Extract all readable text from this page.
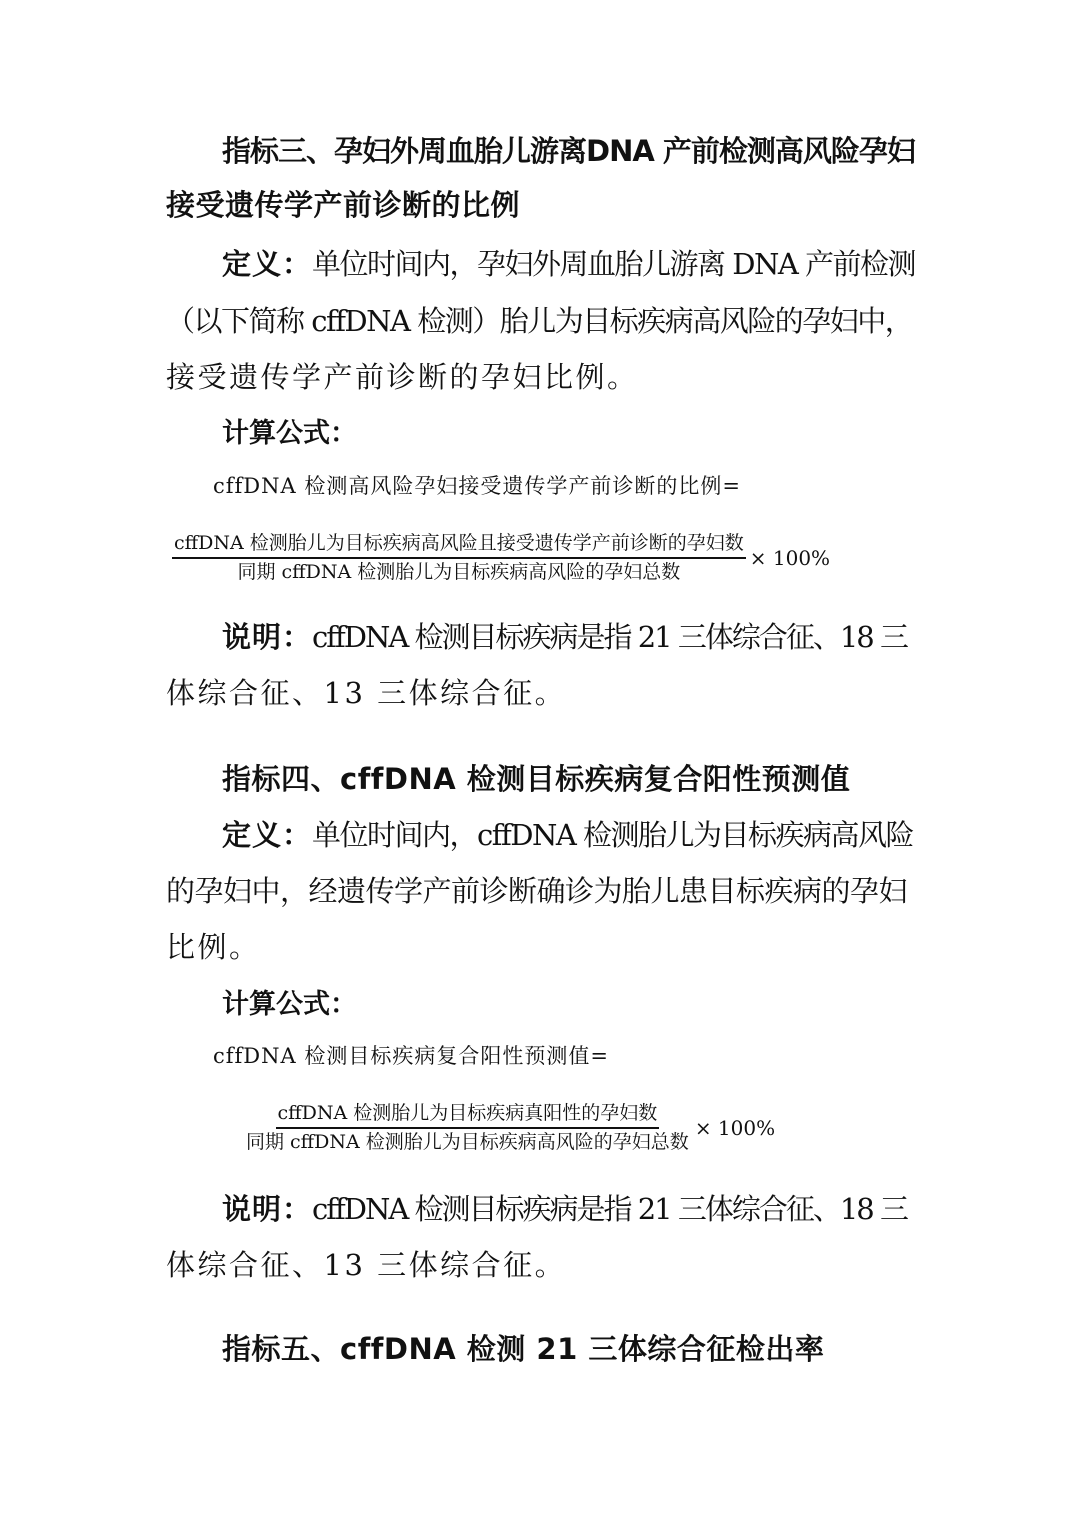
指标三、孕妇外周血胎儿游离DNA 产前检测高风险孕妇
接受遗传学产前诊断的比例
定义：单位时间内，孕妇外周血胎儿游离 DNA 产前检测
（以下简称 cffDNA 检测）胎儿为目标疾病高风险的孕妇中，
接受遗传学产前诊断的孕妇比例。
计算公式：
cffDNA 检测高风险孕妇接受遗传学产前诊断的比例=
$\frac{\text{cffDNA 检测胎儿为目标疾病高风险且接受遗传学产前诊断的孕妇数}}{\text{同期 cffDNA 检测胎儿为目标疾病高风险的孕妇总数}} \times 100\%$
说明：cffDNA 检测目标疾病是指 21 三体综合征、18 三
体综合征、13 三体综合征。
指标四、cffDNA 检测目标疾病复合阳性预测值
定义：单位时间内，cffDNA 检测胎儿为目标疾病高风险
的孕妇中，经遗传学产前诊断确诊为胎儿患目标疾病的孕妇
比例。
计算公式：
cffDNA 检测目标疾病复合阳性预测值=
$\frac{\text{cffDNA 检测胎儿为目标疾病真阳性的孕妇数}}{\text{同期 cffDNA 检测胎儿为目标疾病高风险的孕妇总数}} \times 100\%$
说明：cffDNA 检测目标疾病是指 21 三体综合征、18 三
体综合征、13 三体综合征。
指标五、cffDNA 检测 21 三体综合征检出率
